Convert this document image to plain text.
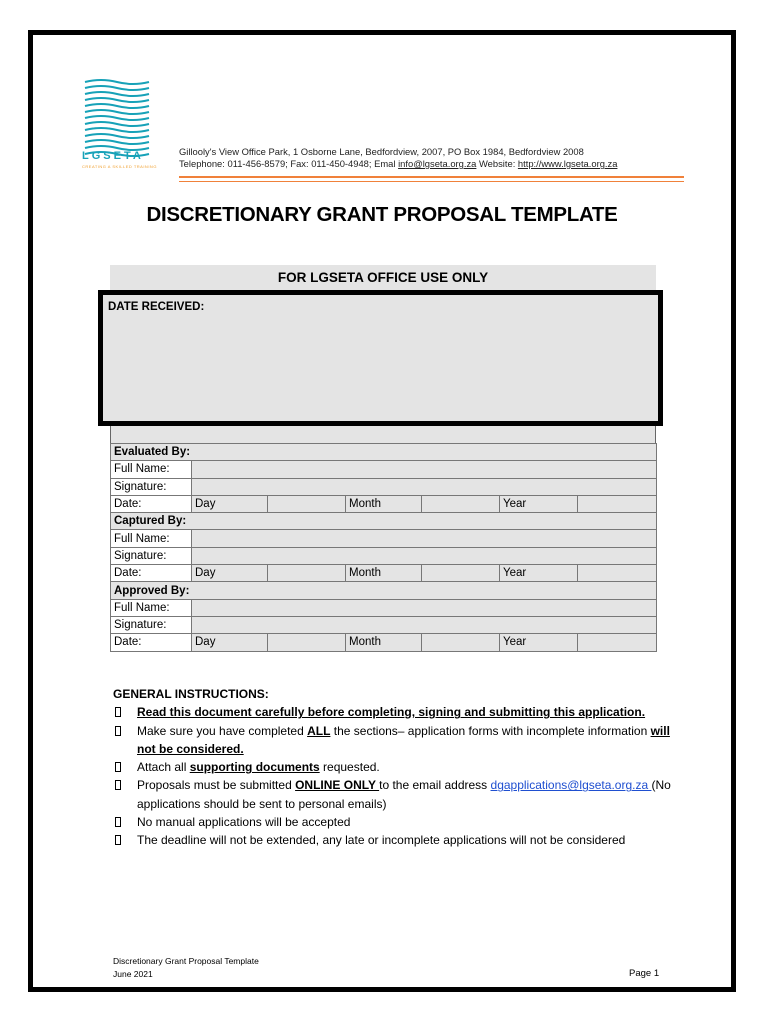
LGSETA
CREATING A SKILLED TRAINING
Gillooly's View Office Park, 1 Osborne Lane, Bedfordview, 2007, PO Box 1984, Bedfordview 2008
Telephone: 011-456-8579; Fax: 011-450-4948; Emal info@lgseta.org.za Website: http://www.lgseta.org.za
DISCRETIONARY GRANT PROPOSAL TEMPLATE
FOR LGSETA OFFICE USE ONLY
DATE RECEIVED:
Evaluated By:						
Full Name:						
Signature:						
Date:	Day		Month		Year	
Captured By:						
Full Name:						
Signature:						
Date:	Day		Month		Year	
Approved By:						
Full Name:						
Signature:						
Date:	Day		Month		Year	
GENERAL INSTRUCTIONS:
Read this document carefully before completing, signing and submitting this application.
Make sure you have completed ALL the sections– application forms with incomplete information will not be considered.
Attach all supporting documents requested.
Proposals must be submitted ONLINE ONLY to the email address dgapplications@lgseta.org.za (No applications should be sent to personal emails)
No manual applications will be accepted
The deadline will not be extended, any late or incomplete applications will not be considered
Discretionary Grant Proposal Template
June 2021	Page 1
